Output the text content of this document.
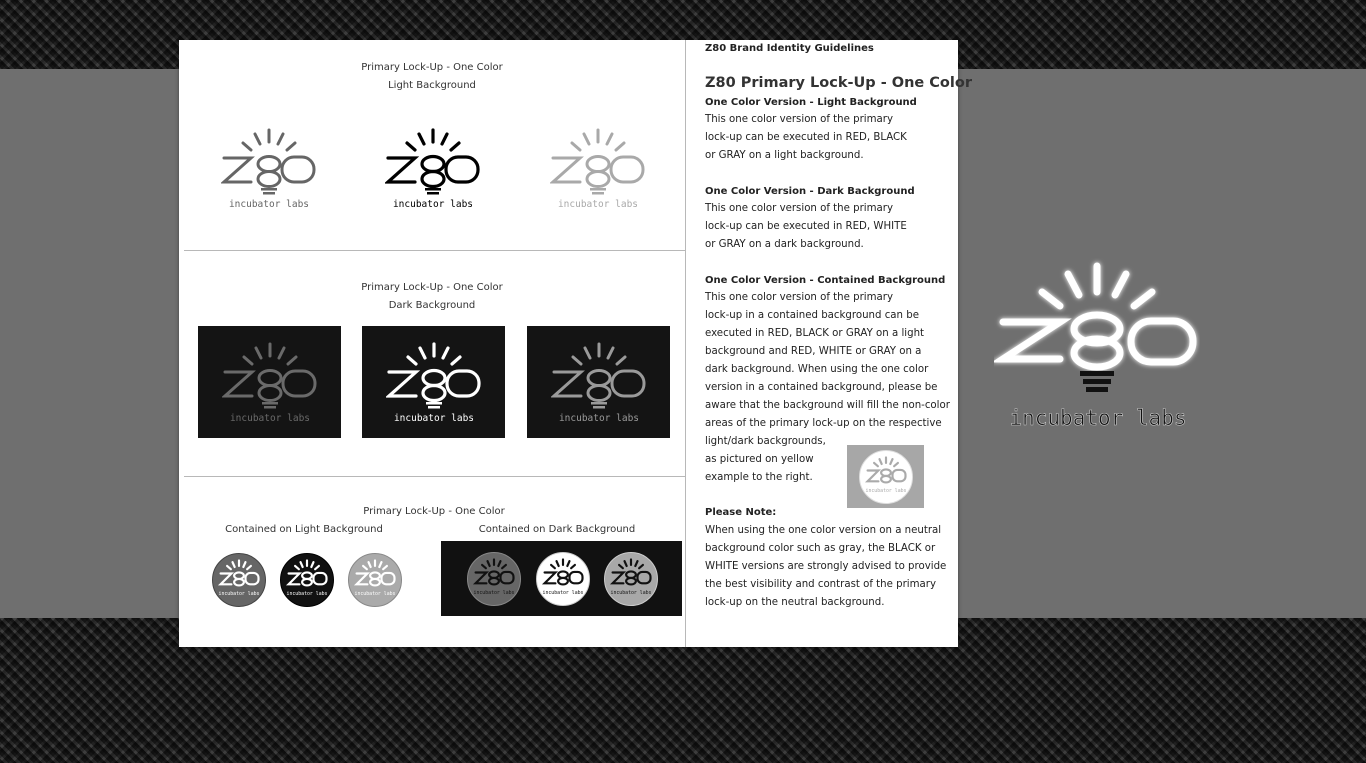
Primary Lock-Up - One Color
Light Background
incubator labs	incubator labs	incubator labs
Primary Lock-Up - One Color
Dark Background
incubator labs	incubator labs	incubator labs
Primary Lock-Up - One Color
Contained on Light Background	Contained on Dark Background
incubator labs	incubator labs	incubator labs	incubator labs	incubator labs	incubator labs
Z80 Brand Identity Guidelines
Z80 Primary Lock-Up - One Color
One Color Version - Light Background
This one color version of the primary
lock-up can be executed in RED, BLACK
or GRAY on a light background.
One Color Version - Dark Background
This one color version of the primary
lock-up can be executed in RED, WHITE
or GRAY on a dark background.
One Color Version - Contained Background
This one color version of the primary
lock-up in a contained background can be
executed in RED, BLACK or GRAY on a light
background and RED, WHITE or GRAY on a
dark background. When using the one color
version in a contained background, please be
aware that the background will fill the non-color
areas of the primary lock-up on the respective
light/dark backgrounds,
as pictured on yellow
example to the right.
Please Note:
When using the one color version on a neutral
background color such as gray, the BLACK or
WHITE versions are strongly advised to provide
the best visibility and contrast of the primary
lock-up on the neutral background.
incubator labs
incubator labs
